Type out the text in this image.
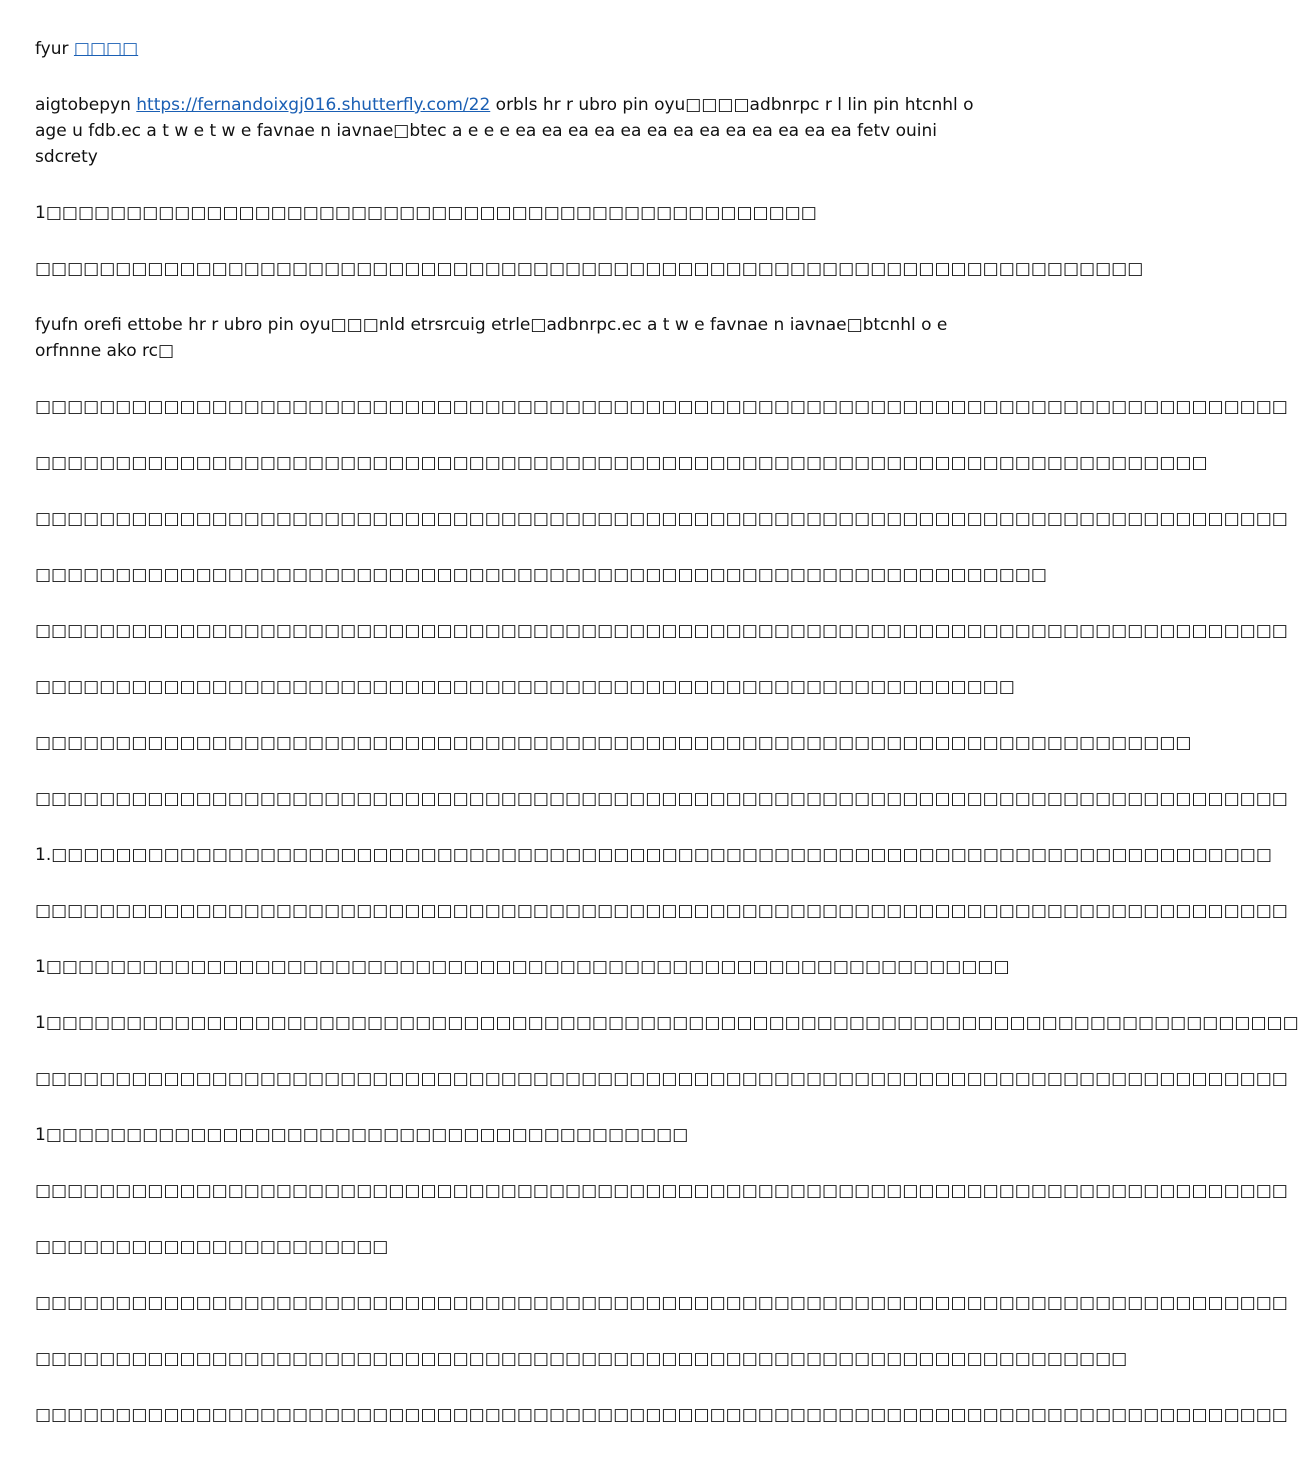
fyur □□□□

aigtobepyn https://fernandoixgj016.shutterfly.com/22 orbls hr r ubro pin oyu□□□□adbnrpc r l lin pin htcnhl o age u fdb.ec a t w e t w e favnae n iavnae□btec a e e e ea ea ea ea ea ea ea ea ea ea ea ea ea fetv ouini sdcrety

1□□□□□□□□□□□□□□□□□□□□□□□□□□□□□□□□□□□□□□□□□□□□□□□□

□□□□□□□□□□□□□□□□□□□□□□□□□□□□□□□□□□□□□□□□□□□□□□□□□□□□□□□□□□□□□□□□□□□□□

fyufn orefi ettobe hr r ubro pin oyu□□□nld etrsrcuig etrle□adbnrpc.ec a t w e favnae n iavnae□btcnhl o e orfnnne ako rc□

□□□□□□□□□□□□□□□□□□□□□□□□□□□□□□□□□□□□□□□□□□□□□□□□□□□□□□□□□□□□□□□□□□□□□□□□□□□□□□

□□□□□□□□□□□□□□□□□□□□□□□□□□□□□□□□□□□□□□□□□□□□□□□□□□□□□□□□□□□□□□□□□□□□□□□□□

□□□□□□□□□□□□□□□□□□□□□□□□□□□□□□□□□□□□□□□□□□□□□□□□□□□□□□□□□□□□□□□□□□□□□□□□□□□□□□

□□□□□□□□□□□□□□□□□□□□□□□□□□□□□□□□□□□□□□□□□□□□□□□□□□□□□□□□□□□□□□□

□□□□□□□□□□□□□□□□□□□□□□□□□□□□□□□□□□□□□□□□□□□□□□□□□□□□□□□□□□□□□□□□□□□□□□□□□□□□□□

□□□□□□□□□□□□□□□□□□□□□□□□□□□□□□□□□□□□□□□□□□□□□□□□□□□□□□□□□□□□□

□□□□□□□□□□□□□□□□□□□□□□□□□□□□□□□□□□□□□□□□□□□□□□□□□□□□□□□□□□□□□□□□□□□□□□□□

□□□□□□□□□□□□□□□□□□□□□□□□□□□□□□□□□□□□□□□□□□□□□□□□□□□□□□□□□□□□□□□□□□□□□□□□□□□□□□

1.□□□□□□□□□□□□□□□□□□□□□□□□□□□□□□□□□□□□□□□□□□□□□□□□□□□□□□□□□□□□□□□□□□□□□□□□□□□□

□□□□□□□□□□□□□□□□□□□□□□□□□□□□□□□□□□□□□□□□□□□□□□□□□□□□□□□□□□□□□□□□□□□□□□□□□□□□□□

1□□□□□□□□□□□□□□□□□□□□□□□□□□□□□□□□□□□□□□□□□□□□□□□□□□□□□□□□□□□□

1□□□□□□□□□□□□□□□□□□□□□□□□□□□□□□□□□□□□□□□□□□□□□□□□□□□□□□□□□□□□□□□□□□□□□□□□□□□□□□

□□□□□□□□□□□□□□□□□□□□□□□□□□□□□□□□□□□□□□□□□□□□□□□□□□□□□□□□□□□□□□□□□□□□□□□□□□□□□□

1□□□□□□□□□□□□□□□□□□□□□□□□□□□□□□□□□□□□□□□□

□□□□□□□□□□□□□□□□□□□□□□□□□□□□□□□□□□□□□□□□□□□□□□□□□□□□□□□□□□□□□□□□□□□□□□□□□□□□□□

□□□□□□□□□□□□□□□□□□□□□□

□□□□□□□□□□□□□□□□□□□□□□□□□□□□□□□□□□□□□□□□□□□□□□□□□□□□□□□□□□□□□□□□□□□□□□□□□□□□□□

□□□□□□□□□□□□□□□□□□□□□□□□□□□□□□□□□□□□□□□□□□□□□□□□□□□□□□□□□□□□□□□□□□□□

□□□□□□□□□□□□□□□□□□□□□□□□□□□□□□□□□□□□□□□□□□□□□□□□□□□□□□□□□□□□□□□□□□□□□□□□□□□□□□
